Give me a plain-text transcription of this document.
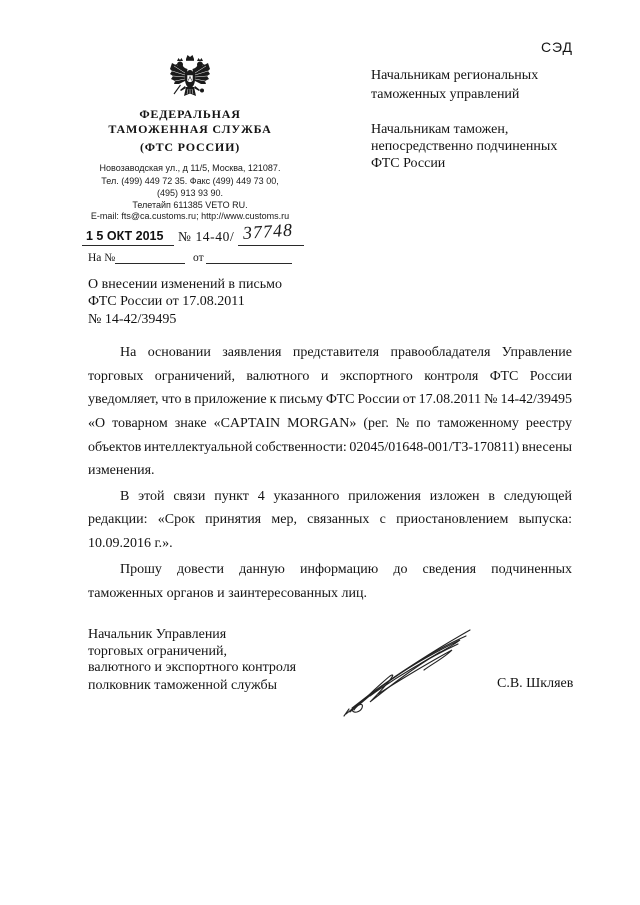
СЭД
ФЕДЕРАЛЬНАЯ
ТАМОЖЕННАЯ СЛУЖБА
(ФТС РОССИИ)
Новозаводская ул., д 11/5, Москва, 121087.
Тел. (499) 449 72 35. Факс (499) 449 73 00,
(495) 913 93 90.
Телетайп 611385 VETO RU.
E-mail: fts@ca.customs.ru; http://www.customs.ru
1 5 ОКТ 2015 № 14-40/ 37748
На №	от
Начальникам региональных
таможенных управлений
Начальникам таможен,
непосредственно подчиненных
ФТС России
О внесении изменений в письмо
ФТС России от 17.08.2011
№ 14-42/39495
На основании заявления представителя правообладателя Управление
торговых ограничений, валютного и экспортного контроля ФТС России
уведомляет, что в приложение к письму ФТС России от 17.08.2011 № 14-42/39495
«О товарном знаке «CAPTAIN MORGAN» (рег. № по таможенному реестру
объектов интеллектуальной собственности: 02045/01648-001/ТЗ-170811) внесены
изменения.
В этой связи пункт 4 указанного приложения изложен в следующей
редакции: «Срок принятия мер, связанных с приостановлением выпуска:
10.09.2016 г.».
Прошу довести данную информацию до сведения подчиненных
таможенных органов и заинтересованных лиц.
Начальник Управления
торговых ограничений,
валютного и экспортного контроля
полковник таможенной службы	С.В. Шкляев
